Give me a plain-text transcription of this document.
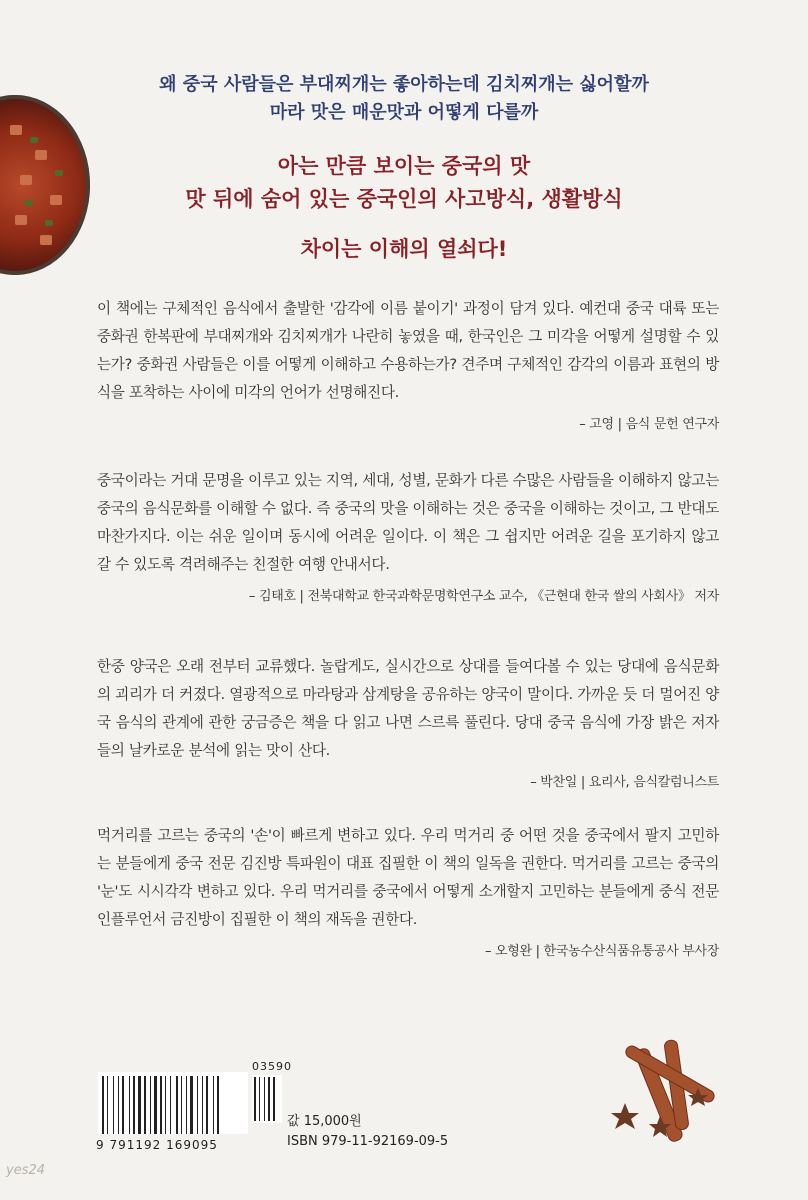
왜 중국 사람들은 부대찌개는 좋아하는데 김치찌개는 싫어할까
마라 맛은 매운맛과 어떻게 다를까
아는 만큼 보이는 중국의 맛
맛 뒤에 숨어 있는 중국인의 사고방식, 생활방식
차이는 이해의 열쇠다!

이 책에는 구체적인 음식에서 출발한 '감각에 이름 붙이기' 과정이 담겨 있다. 예컨대 중국 대륙 또는 중화권 한복판에 부대찌개와 김치찌개가 나란히 놓였을 때, 한국인은 그 미각을 어떻게 설명할 수 있는가? 중화권 사람들은 이를 어떻게 이해하고 수용하는가? 견주며 구체적인 감각의 이름과 표현의 방식을 포착하는 사이에 미각의 언어가 선명해진다.

– 고영 | 음식 문헌 연구자

중국이라는 거대 문명을 이루고 있는 지역, 세대, 성별, 문화가 다른 수많은 사람들을 이해하지 않고는 중국의 음식문화를 이해할 수 없다. 즉 중국의 맛을 이해하는 것은 중국을 이해하는 것이고, 그 반대도 마찬가지다. 이는 쉬운 일이며 동시에 어려운 일이다. 이 책은 그 쉽지만 어려운 길을 포기하지 않고 갈 수 있도록 격려해주는 친절한 여행 안내서다.

– 김태호 | 전북대학교 한국과학문명학연구소 교수, 《근현대 한국 쌀의 사회사》 저자

한중 양국은 오래 전부터 교류했다. 놀랍게도, 실시간으로 상대를 들여다볼 수 있는 당대에 음식문화의 괴리가 더 커졌다. 열광적으로 마라탕과 삼계탕을 공유하는 양국이 말이다. 가까운 듯 더 멀어진 양국 음식의 관계에 관한 궁금증은 책을 다 읽고 나면 스르륵 풀린다. 당대 중국 음식에 가장 밝은 저자들의 날카로운 분석에 읽는 맛이 산다.

– 박찬일 | 요리사, 음식칼럼니스트

먹거리를 고르는 중국의 '손'이 빠르게 변하고 있다. 우리 먹거리 중 어떤 것을 중국에서 팔지 고민하는 분들에게 중국 전문 김진방 특파원이 대표 집필한 이 책의 일독을 권한다. 먹거리를 고르는 중국의 '눈'도 시시각각 변하고 있다. 우리 먹거리를 중국에서 어떻게 소개할지 고민하는 분들에게 중식 전문 인플루언서 금진방이 집필한 이 책의 재독을 권한다.

– 오형완 | 한국농수산식품유통공사 부사장
9 791192 169095
03590
값 15,000원
ISBN 979-11-92169-09-5
yes24
